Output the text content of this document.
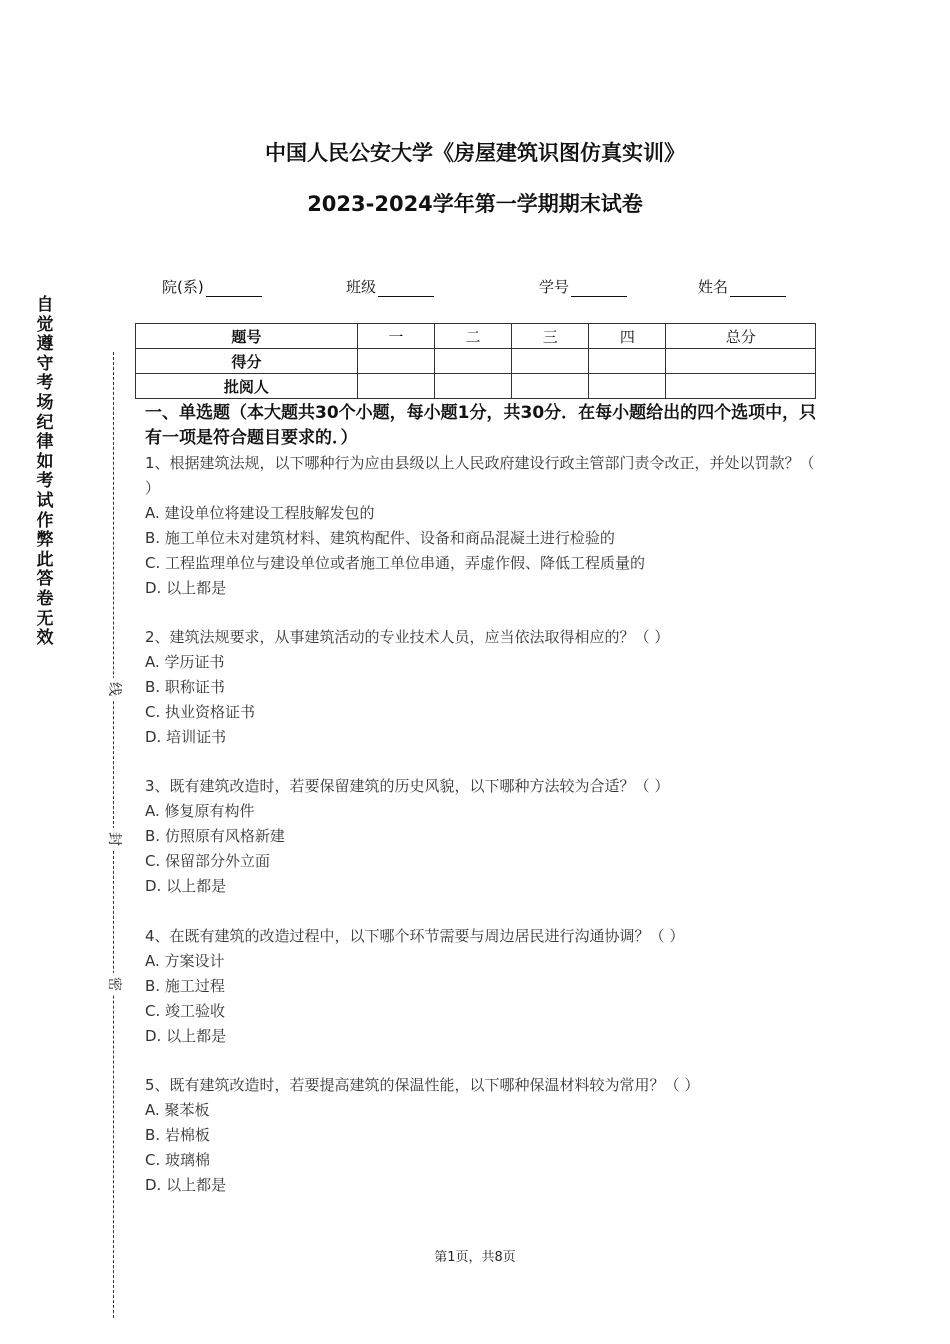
中国人民公安大学《房屋建筑识图仿真实训》
2023-2024学年第一学期期末试卷
自
觉
遵
守
考
场
纪
律
如
考
试
作
弊
此
答
卷
无
效
线
封
密
院(系)	班级	学号	姓名
题号	一	二	三	四	总分
得分					
批阅人					
一、单选题（本大题共30个小题，每小题1分，共30分．在每小题给出的四个选项中，只有一项是符合题目要求的．）
1、根据建筑法规，以下哪种行为应由县级以上人民政府建设行政主管部门责令改正，并处以罚款？（ ）
A. 建设单位将建设工程肢解发包的
B. 施工单位未对建筑材料、建筑构配件、设备和商品混凝土进行检验的
C. 工程监理单位与建设单位或者施工单位串通，弄虚作假、降低工程质量的
D. 以上都是
2、建筑法规要求，从事建筑活动的专业技术人员，应当依法取得相应的？（ ）
A. 学历证书
B. 职称证书
C. 执业资格证书
D. 培训证书
3、既有建筑改造时，若要保留建筑的历史风貌，以下哪种方法较为合适？（ ）
A. 修复原有构件
B. 仿照原有风格新建
C. 保留部分外立面
D. 以上都是
4、在既有建筑的改造过程中，以下哪个环节需要与周边居民进行沟通协调？（ ）
A. 方案设计
B. 施工过程
C. 竣工验收
D. 以上都是
5、既有建筑改造时，若要提高建筑的保温性能，以下哪种保温材料较为常用？（ ）
A. 聚苯板
B. 岩棉板
C. 玻璃棉
D. 以上都是
第1页，共8页
